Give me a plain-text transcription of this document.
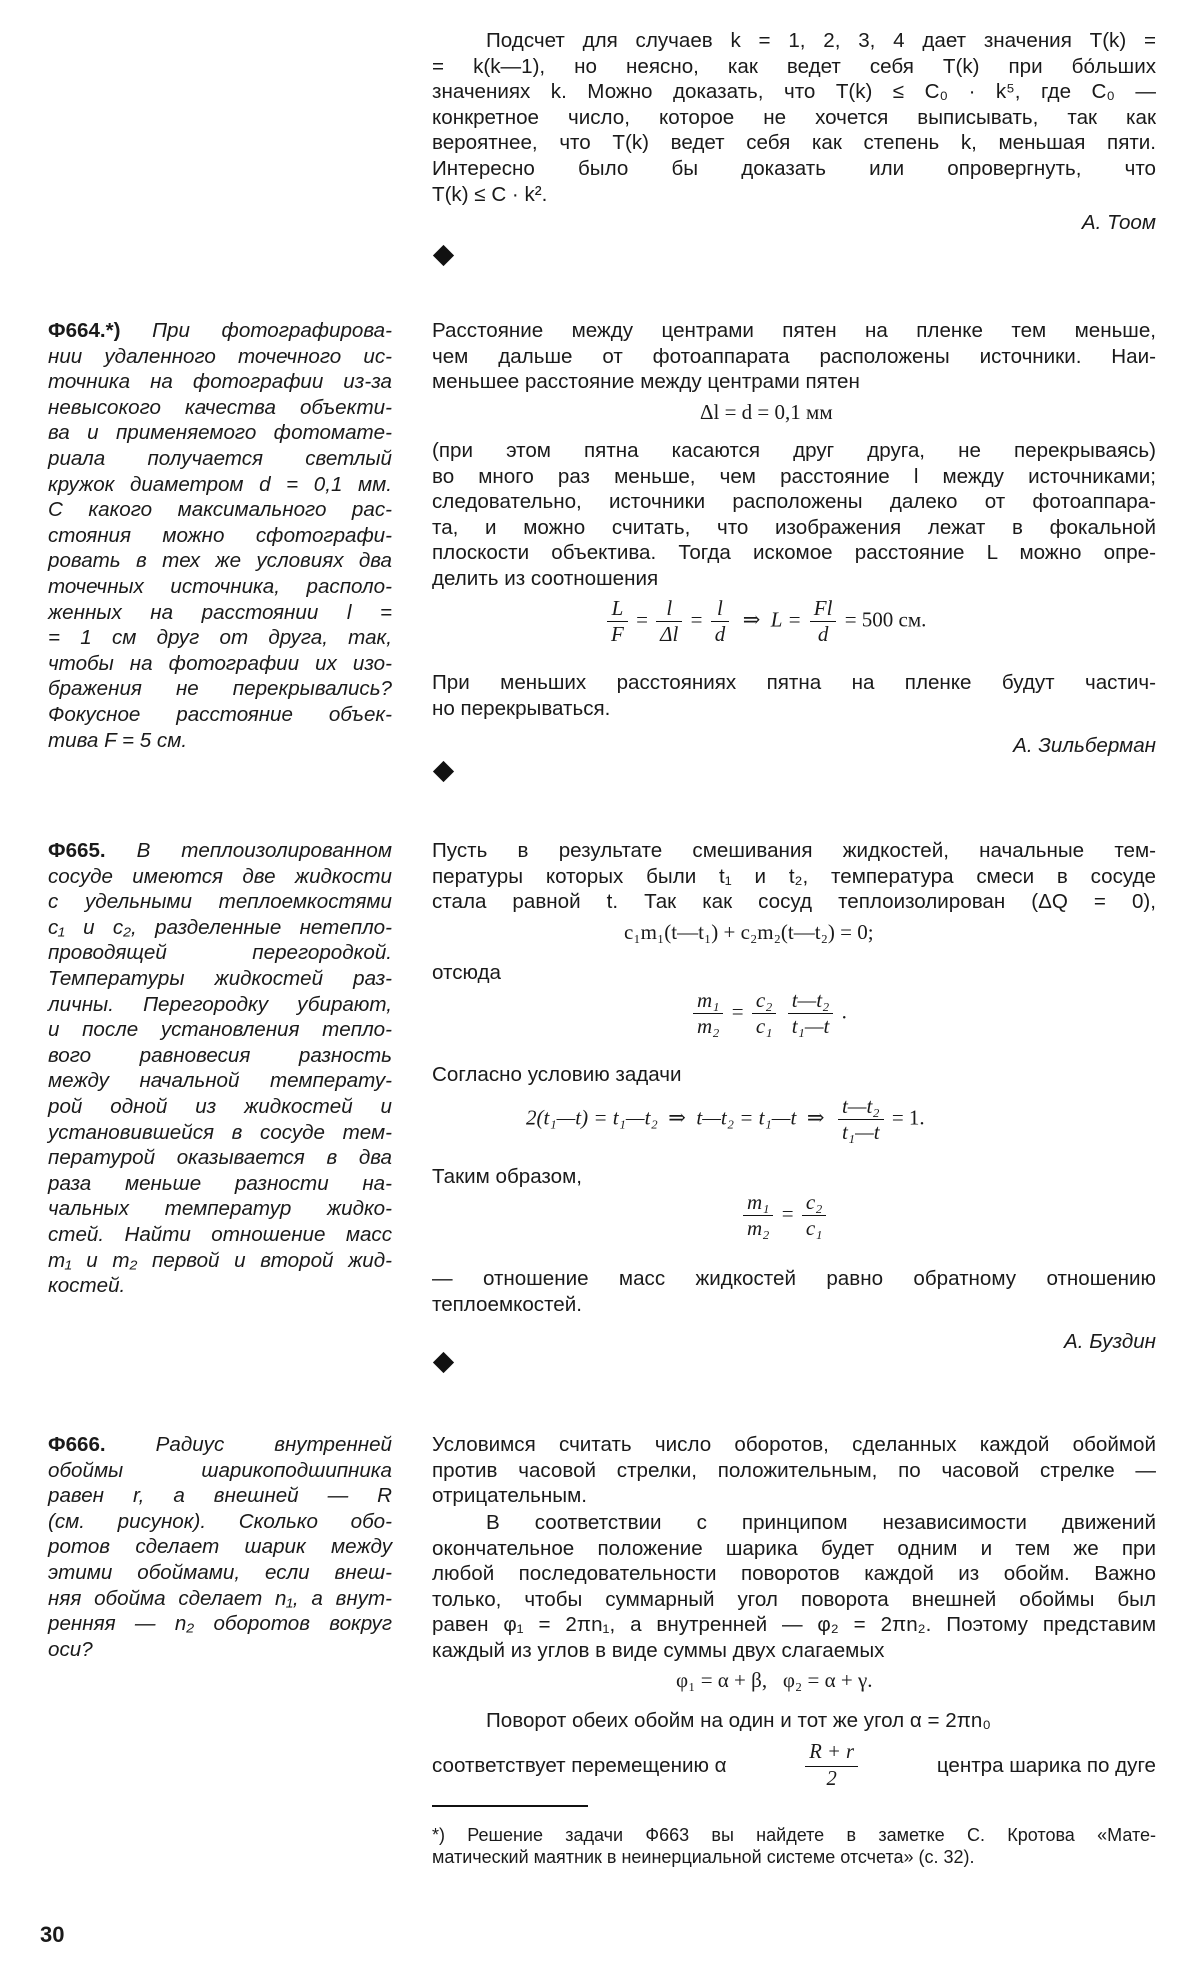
Подсчет для случаев k = 1, 2, 3, 4 дает значения T(k) =
= k(k—1), но неясно, как ведет себя T(k) при бо́льших
значениях k. Можно доказать, что T(k) ≤ C₀ · k⁵, где C₀ —
конкретное число, которое не хочется выписывать, так как
вероятнее, что T(k) ведет себя как степень k, меньшая пяти.
Интересно было бы доказать или опровергнуть, что
T(k) ≤ C · k².
А. Тоом
Ф664.*) При фотографирова-
нии удаленного точечного ис-
точника на фотографии из-за
невысокого качества объекти-
ва и применяемого фотомате-
риала получается светлый
кружок диаметром d = 0,1 мм.
С какого максимального рас-
стояния можно сфотографи-
ровать в тех же условиях два
точечных источника, располо-
женных на расстоянии l =
= 1 см друг от друга, так,
чтобы на фотографии их изо-
бражения не перекрывались?
Фокусное расстояние объек-
тива F = 5 см.
Расстояние между центрами пятен на пленке тем меньше,
чем дальше от фотоаппарата расположены источники. Наи-
меньшее расстояние между центрами пятен
Δl = d = 0,1 мм
(при этом пятна касаются друг друга, не перекрываясь)
во много раз меньше, чем расстояние l между источниками;
следовательно, источники расположены далеко от фотоаппара-
та, и можно считать, что изображения лежат в фокальной
плоскости объектива. Тогда искомое расстояние L можно опре-
делить из соотношения
$\frac{L}{F} = \frac{l}{\Delta l} = \frac{l}{d}$ ⇒ $L = \frac{Fl}{d} = 500$ см.
При меньших расстояниях пятна на пленке будут частич-
но перекрываться.
А. Зильберман
Ф665. В теплоизолированном
сосуде имеются две жидкости
с удельными теплоемкостями
c₁ и c₂, разделенные нетепло-
проводящей перегородкой.
Температуры жидкостей раз-
личны. Перегородку убирают,
и после установления тепло-
вого равновесия разность
между начальной температу-
рой одной из жидкостей и
установившейся в сосуде тем-
пературой оказывается в два
раза меньше разности на-
чальных температур жидко-
стей. Найти отношение масс
m₁ и m₂ первой и второй жид-
костей.
Пусть в результате смешивания жидкостей, начальные тем-
пературы которых были t₁ и t₂, температура смеси в сосуде
стала равной t. Так как сосуд теплоизолирован (ΔQ = 0),
c₁m₁(t—t₁) + c₂m₂(t—t₂) = 0;
отсюда
$\frac{\text{m₁}}{\text{m₂}} = \frac{\text{c₂}}{\text{c₁}}$
$\frac{\text{t—t₂}}{\text{t₁—t}}$ .
Согласно условию задачи
2(t₁—t) = t₁—t₂ ⇒ t—t₂ = t₁—t ⇒ $\frac{\text{t—t₂}}{\text{t₁—t}} = 1$.
Таким образом,
$\frac{\text{m₁}}{\text{m₂}} = \frac{\text{c₂}}{\text{c₁}}$
— отношение масс жидкостей равно обратному отношению
теплоемкостей.
А. Буздин
Ф666. Радиус внутренней
обоймы шарикоподшипника
равен r, а внешней — R
(см. рисунок). Сколько обо-
ротов сделает шарик между
этими обоймами, если внеш-
няя обойма сделает n₁, а внут-
ренняя — n₂ оборотов вокруг
оси?
Условимся считать число оборотов, сделанных каждой обоймой
против часовой стрелки, положительным, по часовой стрелке —
отрицательным.
В соответствии с принципом независимости движений
окончательное положение шарика будет одним и тем же при
любой последовательности поворотов каждой из обойм. Важно
только, чтобы суммарный угол поворота внешней обоймы был
равен φ₁ = 2πn₁, а внутренней — φ₂ = 2πn₂. Поэтому представим
каждый из углов в виде суммы двух слагаемых
φ₁ = α + β,   φ₂ = α + γ.
Поворот обеих обойм на один и тот же угол α = 2πn₀
соответствует перемещению α	$\frac{R + r}{2}$	центра шарика по дуге
*) Решение задачи Ф663 вы найдете в заметке С. Кротова «Мате-
матический маятник в неинерциальной системе отсчета» (с. 32).
30
